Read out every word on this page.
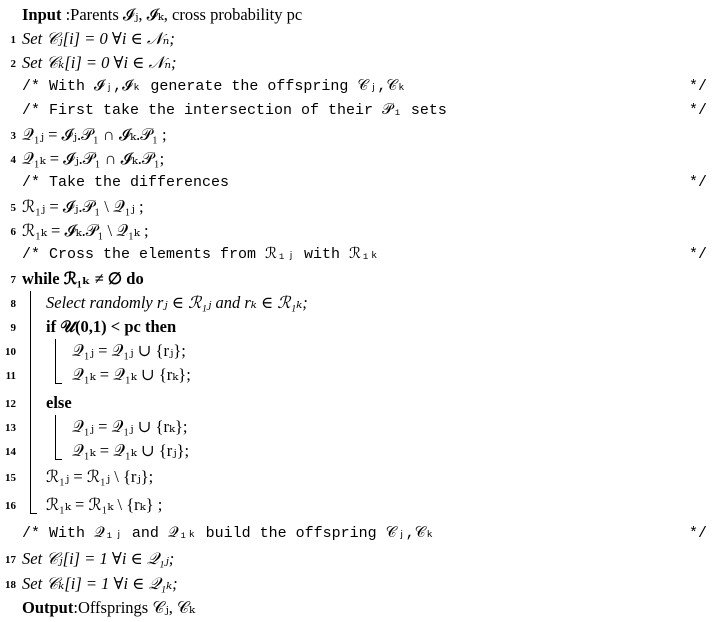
Input :Parents 𝓘ⱼ, 𝓘ₖ, cross probability pc
1 Set 𝒞ⱼ[i] = 0 ∀i ∈ 𝒩ₙ;
2 Set 𝒞ₖ[i] = 0 ∀i ∈ 𝒩ₙ;
/* With 𝓘ⱼ,𝓘ₖ generate the offspring 𝒞ⱼ,𝒞ₖ	*/
/* First take the intersection of their 𝒫₁ sets	*/
3 𝒬₁ⱼ = 𝓘ⱼ.𝒫₁ ∩ 𝓘ₖ.𝒫₁ ;
4 𝒬₁ₖ = 𝓘ⱼ.𝒫₁ ∩ 𝓘ₖ.𝒫₁;
/* Take the differences	*/
5 ℛ₁ⱼ = 𝓘ⱼ.𝒫₁ \ 𝒬₁ⱼ ;
6 ℛ₁ₖ = 𝓘ₖ.𝒫₁ \ 𝒬₁ₖ ;
/* Cross the elements from ℛ₁ⱼ with ℛ₁ₖ	*/
7 while ℛ₁ₖ ≠ ∅ do
8 Select randomly rⱼ ∈ ℛ₁ⱼ and rₖ ∈ ℛ₁ₖ;
9 if 𝒰(0,1) < pc then
10	𝒬₁ⱼ = 𝒬₁ⱼ ∪ {rⱼ};
11	𝒬₁ₖ = 𝒬₁ₖ ∪ {rₖ};
12 else
13	𝒬₁ⱼ = 𝒬₁ⱼ ∪ {rₖ};
14	𝒬₁ₖ = 𝒬₁ₖ ∪ {rⱼ};
15 ℛ₁ⱼ = ℛ₁ⱼ \ {rⱼ};
16 ℛ₁ₖ = ℛ₁ₖ \ {rₖ} ;
/* With 𝒬₁ⱼ and 𝒬₁ₖ build the offspring 𝒞ⱼ,𝒞ₖ	*/
17 Set 𝒞ⱼ[i] = 1 ∀i ∈ 𝒬₁ⱼ;
18 Set 𝒞ₖ[i] = 1 ∀i ∈ 𝒬₁ₖ;
Output:Offsprings 𝒞ⱼ, 𝒞ₖ
